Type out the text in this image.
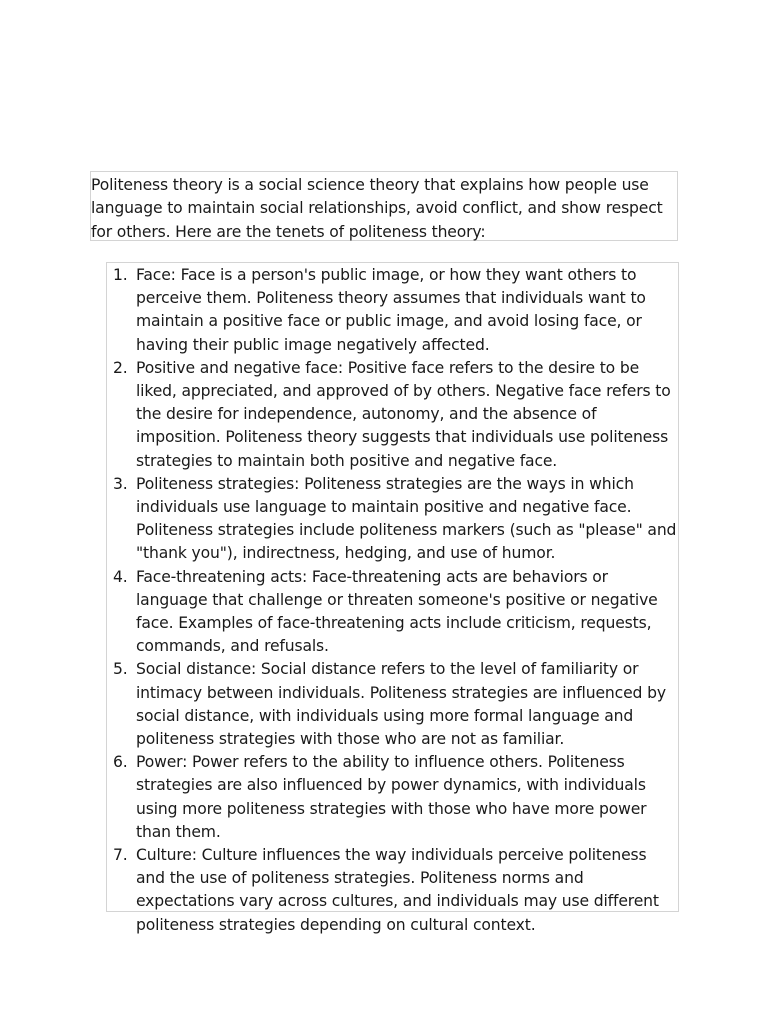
Politeness theory is a social science theory that explains how people use language to maintain social relationships, avoid conflict, and show respect for others. Here are the tenets of politeness theory:
1. Face: Face is a person's public image, or how they want others to perceive them. Politeness theory assumes that individuals want to maintain a positive face or public image, and avoid losing face, or having their public image negatively affected.
2. Positive and negative face: Positive face refers to the desire to be liked, appreciated, and approved of by others. Negative face refers to the desire for independence, autonomy, and the absence of imposition. Politeness theory suggests that individuals use politeness strategies to maintain both positive and negative face.
3. Politeness strategies: Politeness strategies are the ways in which individuals use language to maintain positive and negative face. Politeness strategies include politeness markers (such as "please" and "thank you"), indirectness, hedging, and use of humor.
4. Face-threatening acts: Face-threatening acts are behaviors or language that challenge or threaten someone's positive or negative face. Examples of face-threatening acts include criticism, requests, commands, and refusals.
5. Social distance: Social distance refers to the level of familiarity or intimacy between individuals. Politeness strategies are influenced by social distance, with individuals using more formal language and politeness strategies with those who are not as familiar.
6. Power: Power refers to the ability to influence others. Politeness strategies are also influenced by power dynamics, with individuals using more politeness strategies with those who have more power than them.
7. Culture: Culture influences the way individuals perceive politeness and the use of politeness strategies. Politeness norms and expectations vary across cultures, and individuals may use different politeness strategies depending on cultural context.
